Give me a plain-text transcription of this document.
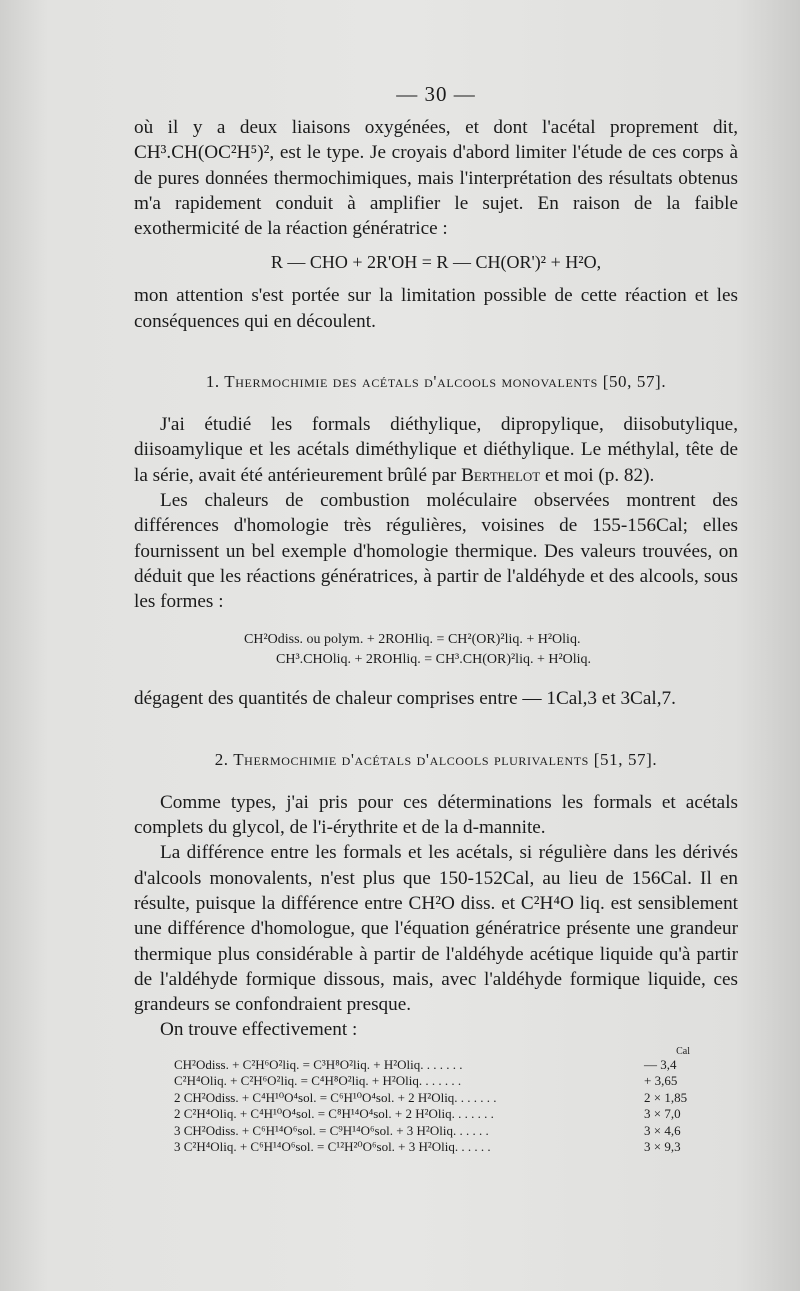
— 30 —

où il y a deux liaisons oxygénées, et dont l'acétal proprement dit, CH³.CH(OC²H⁵)², est le type. Je croyais d'abord limiter l'étude de ces corps à de pures données thermochimiques, mais l'interprétation des résultats obtenus m'a rapidement conduit à amplifier le sujet. En raison de la faible exothermicité de la réaction génératrice :

R — CHO + 2R'OH = R — CH(OR')² + H²O,

mon attention s'est portée sur la limitation possible de cette réaction et les conséquences qui en découlent.

1. Thermochimie des acétals d'alcools monovalents [50, 57].

J'ai étudié les formals diéthylique, dipropylique, diisobutylique, diisoamylique et les acétals diméthylique et diéthylique. Le méthylal, tête de la série, avait été antérieurement brûlé par Berthelot et moi (p. 82).

Les chaleurs de combustion moléculaire observées montrent des différences d'homologie très régulières, voisines de 155-156Cal; elles fournissent un bel exemple d'homologie thermique. Des valeurs trouvées, on déduit que les réactions génératrices, à partir de l'aldéhyde et des alcools, sous les formes :

CH²Odiss. ou polym. + 2ROHliq. = CH²(OR)²liq. + H²Oliq.
CH³.CHOliq. + 2ROHliq. = CH³.CH(OR)²liq. + H²Oliq.

dégagent des quantités de chaleur comprises entre — 1Cal,3 et 3Cal,7.

2. Thermochimie d'acétals d'alcools plurivalents [51, 57].

Comme types, j'ai pris pour ces déterminations les formals et acétals complets du glycol, de l'i-érythrite et de la d-mannite.

La différence entre les formals et les acétals, si régulière dans les dérivés d'alcools monovalents, n'est plus que 150-152Cal, au lieu de 156Cal. Il en résulte, puisque la différence entre CH²O diss. et C²H⁴O liq. est sensiblement une différence d'homologue, que l'équation génératrice présente une grandeur thermique plus considérable à partir de l'aldéhyde acétique liquide qu'à partir de l'aldéhyde formique dissous, mais, avec l'aldéhyde formique liquide, ces grandeurs se confondraient presque.

On trouve effectivement :

Cal
CH²Odiss. + C²H⁶O²liq. = C³H⁸O²liq. + H²Oliq. . . . . . .	— 3,4
C²H⁴Oliq. + C²H⁶O²liq. = C⁴H⁸O²liq. + H²Oliq. . . . . . .	+ 3,65
2 CH²Odiss. + C⁴H¹⁰O⁴sol. = C⁶H¹⁰O⁴sol. + 2 H²Oliq. . . . . . .	2 × 1,85
2 C²H⁴Oliq. + C⁴H¹⁰O⁴sol. = C⁸H¹⁴O⁴sol. + 2 H²Oliq. . . . . . .	3 × 7,0
3 CH²Odiss. + C⁶H¹⁴O⁶sol. = C⁹H¹⁴O⁶sol. + 3 H²Oliq. . . . . .	3 × 4,6
3 C²H⁴Oliq. + C⁶H¹⁴O⁶sol. = C¹²H²⁰O⁶sol. + 3 H²Oliq. . . . . .	3 × 9,3
